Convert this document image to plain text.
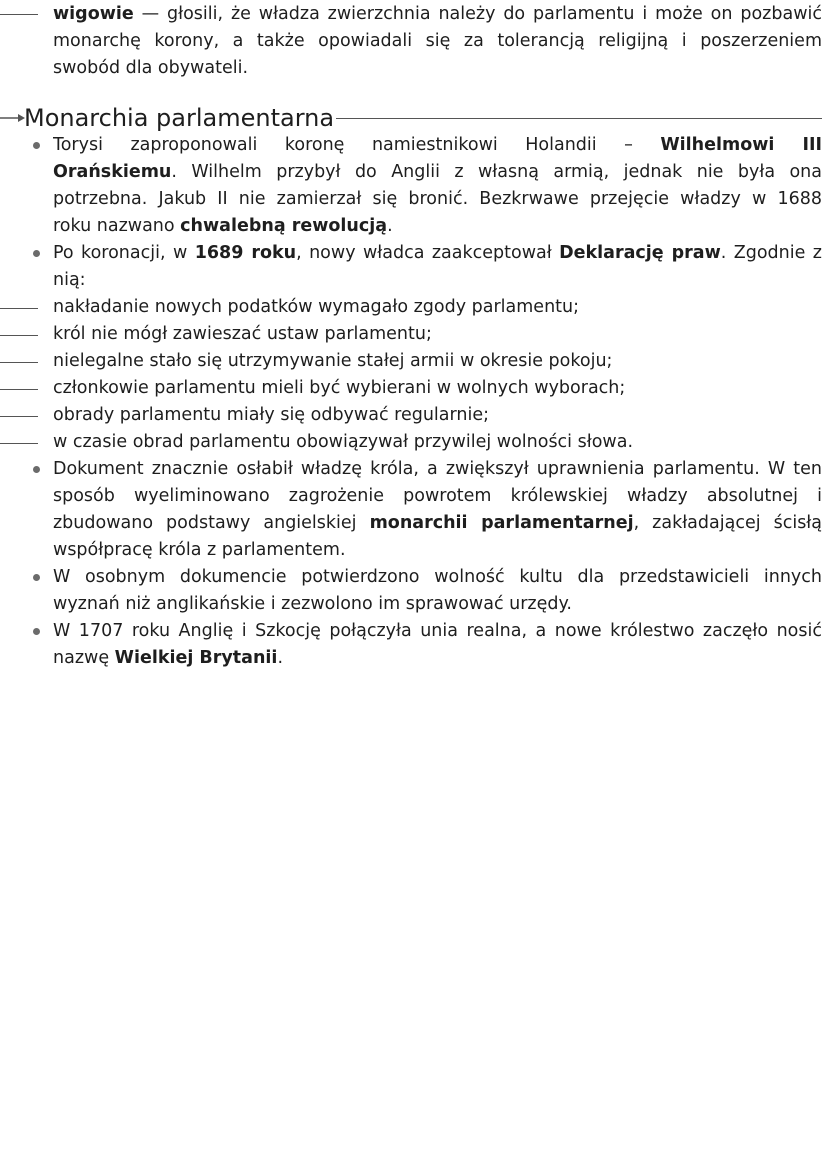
wigowie — głosili, że władza zwierzchnia należy do parlamentu i może on pozbawić
monarchę korony, a także opowiadali się za tolerancją religijną i poszerzeniem
swobód dla obywateli.
Monarchia parlamentarna
Torysi zaproponowali koronę namiestnikowi Holandii – Wilhelmowi III
Orańskiemu. Wilhelm przybył do Anglii z własną armią, jednak nie była ona
potrzebna. Jakub II nie zamierzał się bronić. Bezkrwawe przejęcie władzy w 1688
roku nazwano chwalebną rewolucją.
Po koronacji, w 1689 roku, nowy władca zaakceptował Deklarację praw. Zgodnie z
nią:
nakładanie nowych podatków wymagało zgody parlamentu;
król nie mógł zawieszać ustaw parlamentu;
nielegalne stało się utrzymywanie stałej armii w okresie pokoju;
członkowie parlamentu mieli być wybierani w wolnych wyborach;
obrady parlamentu miały się odbywać regularnie;
w czasie obrad parlamentu obowiązywał przywilej wolności słowa.
Dokument znacznie osłabił władzę króla, a zwiększył uprawnienia parlamentu. W ten
sposób wyeliminowano zagrożenie powrotem królewskiej władzy absolutnej i
zbudowano podstawy angielskiej monarchii parlamentarnej, zakładającej ścisłą
współpracę króla z parlamentem.
W osobnym dokumencie potwierdzono wolność kultu dla przedstawicieli innych
wyznań niż anglikańskie i zezwolono im sprawować urzędy.
W 1707 roku Anglię i Szkocję połączyła unia realna, a nowe królestwo zaczęło nosić
nazwę Wielkiej Brytanii.
